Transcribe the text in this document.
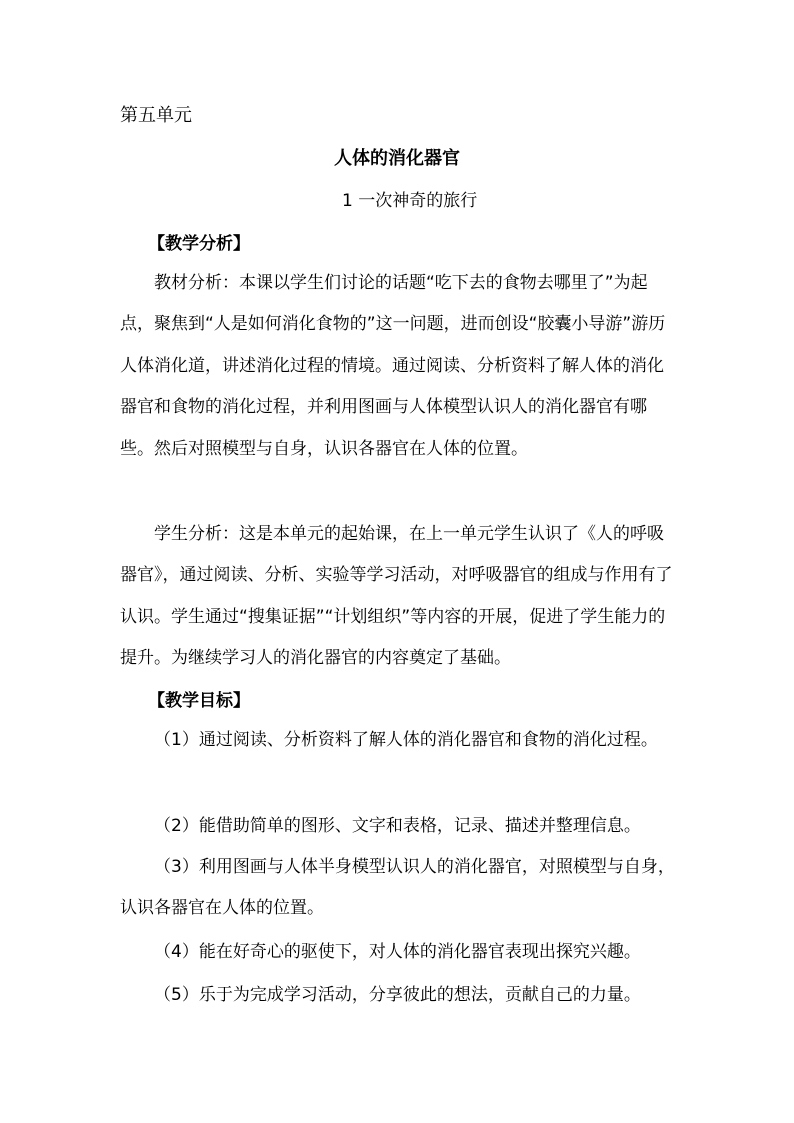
第五单元
人体的消化器官
1 一次神奇的旅行
【教学分析】

教材分析：本课以学生们讨论的话题“吃下去的食物去哪里了”为起点，聚焦到“人是如何消化食物的”这一问题，进而创设“胶囊小导游”游历人体消化道，讲述消化过程的情境。通过阅读、分析资料了解人体的消化器官和食物的消化过程，并利用图画与人体模型认识人的消化器官有哪些。然后对照模型与自身，认识各器官在人体的位置。

学生分析：这是本单元的起始课，在上一单元学生认识了《人的呼吸器官》，通过阅读、分析、实验等学习活动，对呼吸器官的组成与作用有了认识。学生通过“搜集证据”“计划组织”等内容的开展，促进了学生能力的提升。为继续学习人的消化器官的内容奠定了基础。

【教学目标】

（1）通过阅读、分析资料了解人体的消化器官和食物的消化过程。

（2）能借助简单的图形、文字和表格，记录、描述并整理信息。

（3）利用图画与人体半身模型认识人的消化器官，对照模型与自身，认识各器官在人体的位置。

（4）能在好奇心的驱使下，对人体的消化器官表现出探究兴趣。
（5）乐于为完成学习活动，分享彼此的想法，贡献自己的力量。
